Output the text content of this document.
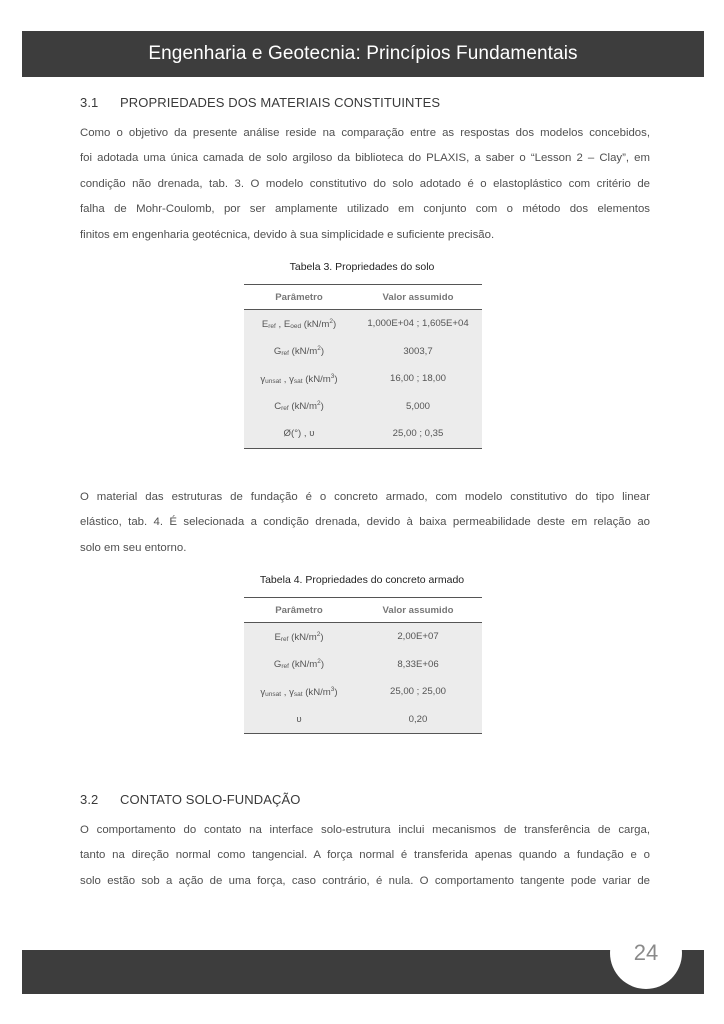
Engenharia e Geotecnia: Princípios Fundamentais
3.1 PROPRIEDADES DOS MATERIAIS CONSTITUINTES
Como o objetivo da presente análise reside na comparação entre as respostas dos modelos concebidos,
foi adotada uma única camada de solo argiloso da biblioteca do PLAXIS, a saber o “Lesson 2 – Clay”, em
condição não drenada, tab. 3. O modelo constitutivo do solo adotado é o elastoplástico com critério de
falha de Mohr-Coulomb, por ser amplamente utilizado em conjunto com o método dos elementos
finitos em engenharia geotécnica, devido à sua simplicidade e suficiente precisão.
Tabela 3. Propriedades do solo
Parâmetro	Valor assumido
$E_{ref}$ , $E_{oed}$ $(kN/m^2)$	1,000E+04 ; 1,605E+04
$G_{ref}$ $(kN/m^2)$	3003,7
$\gamma_{unsat}$ , $\gamma_{sat}$ $(kN/m^3)$	16,00 ; 18,00
$C_{ref}$ $(kN/m^2)$	5,000
Ø(°) , υ	25,00 ; 0,35
O material das estruturas de fundação é o concreto armado, com modelo constitutivo do tipo linear
elástico, tab. 4. É selecionada a condição drenada, devido à baixa permeabilidade deste em relação ao
solo em seu entorno.
Tabela 4. Propriedades do concreto armado
Parâmetro	Valor assumido
$E_{ref}$ $(kN/m^2)$	2,00E+07
$G_{ref}$ $(kN/m^2)$	8,33E+06
$\gamma_{unsat}$ , $\gamma_{sat}$ $(kN/m^3)$	25,00 ; 25,00
υ	0,20
3.2 CONTATO SOLO-FUNDAÇÃO
O comportamento do contato na interface solo-estrutura inclui mecanismos de transferência de carga,
tanto na direção normal como tangencial. A força normal é transferida apenas quando a fundação e o
solo estão sob a ação de uma força, caso contrário, é nula. O comportamento tangente pode variar de
24
